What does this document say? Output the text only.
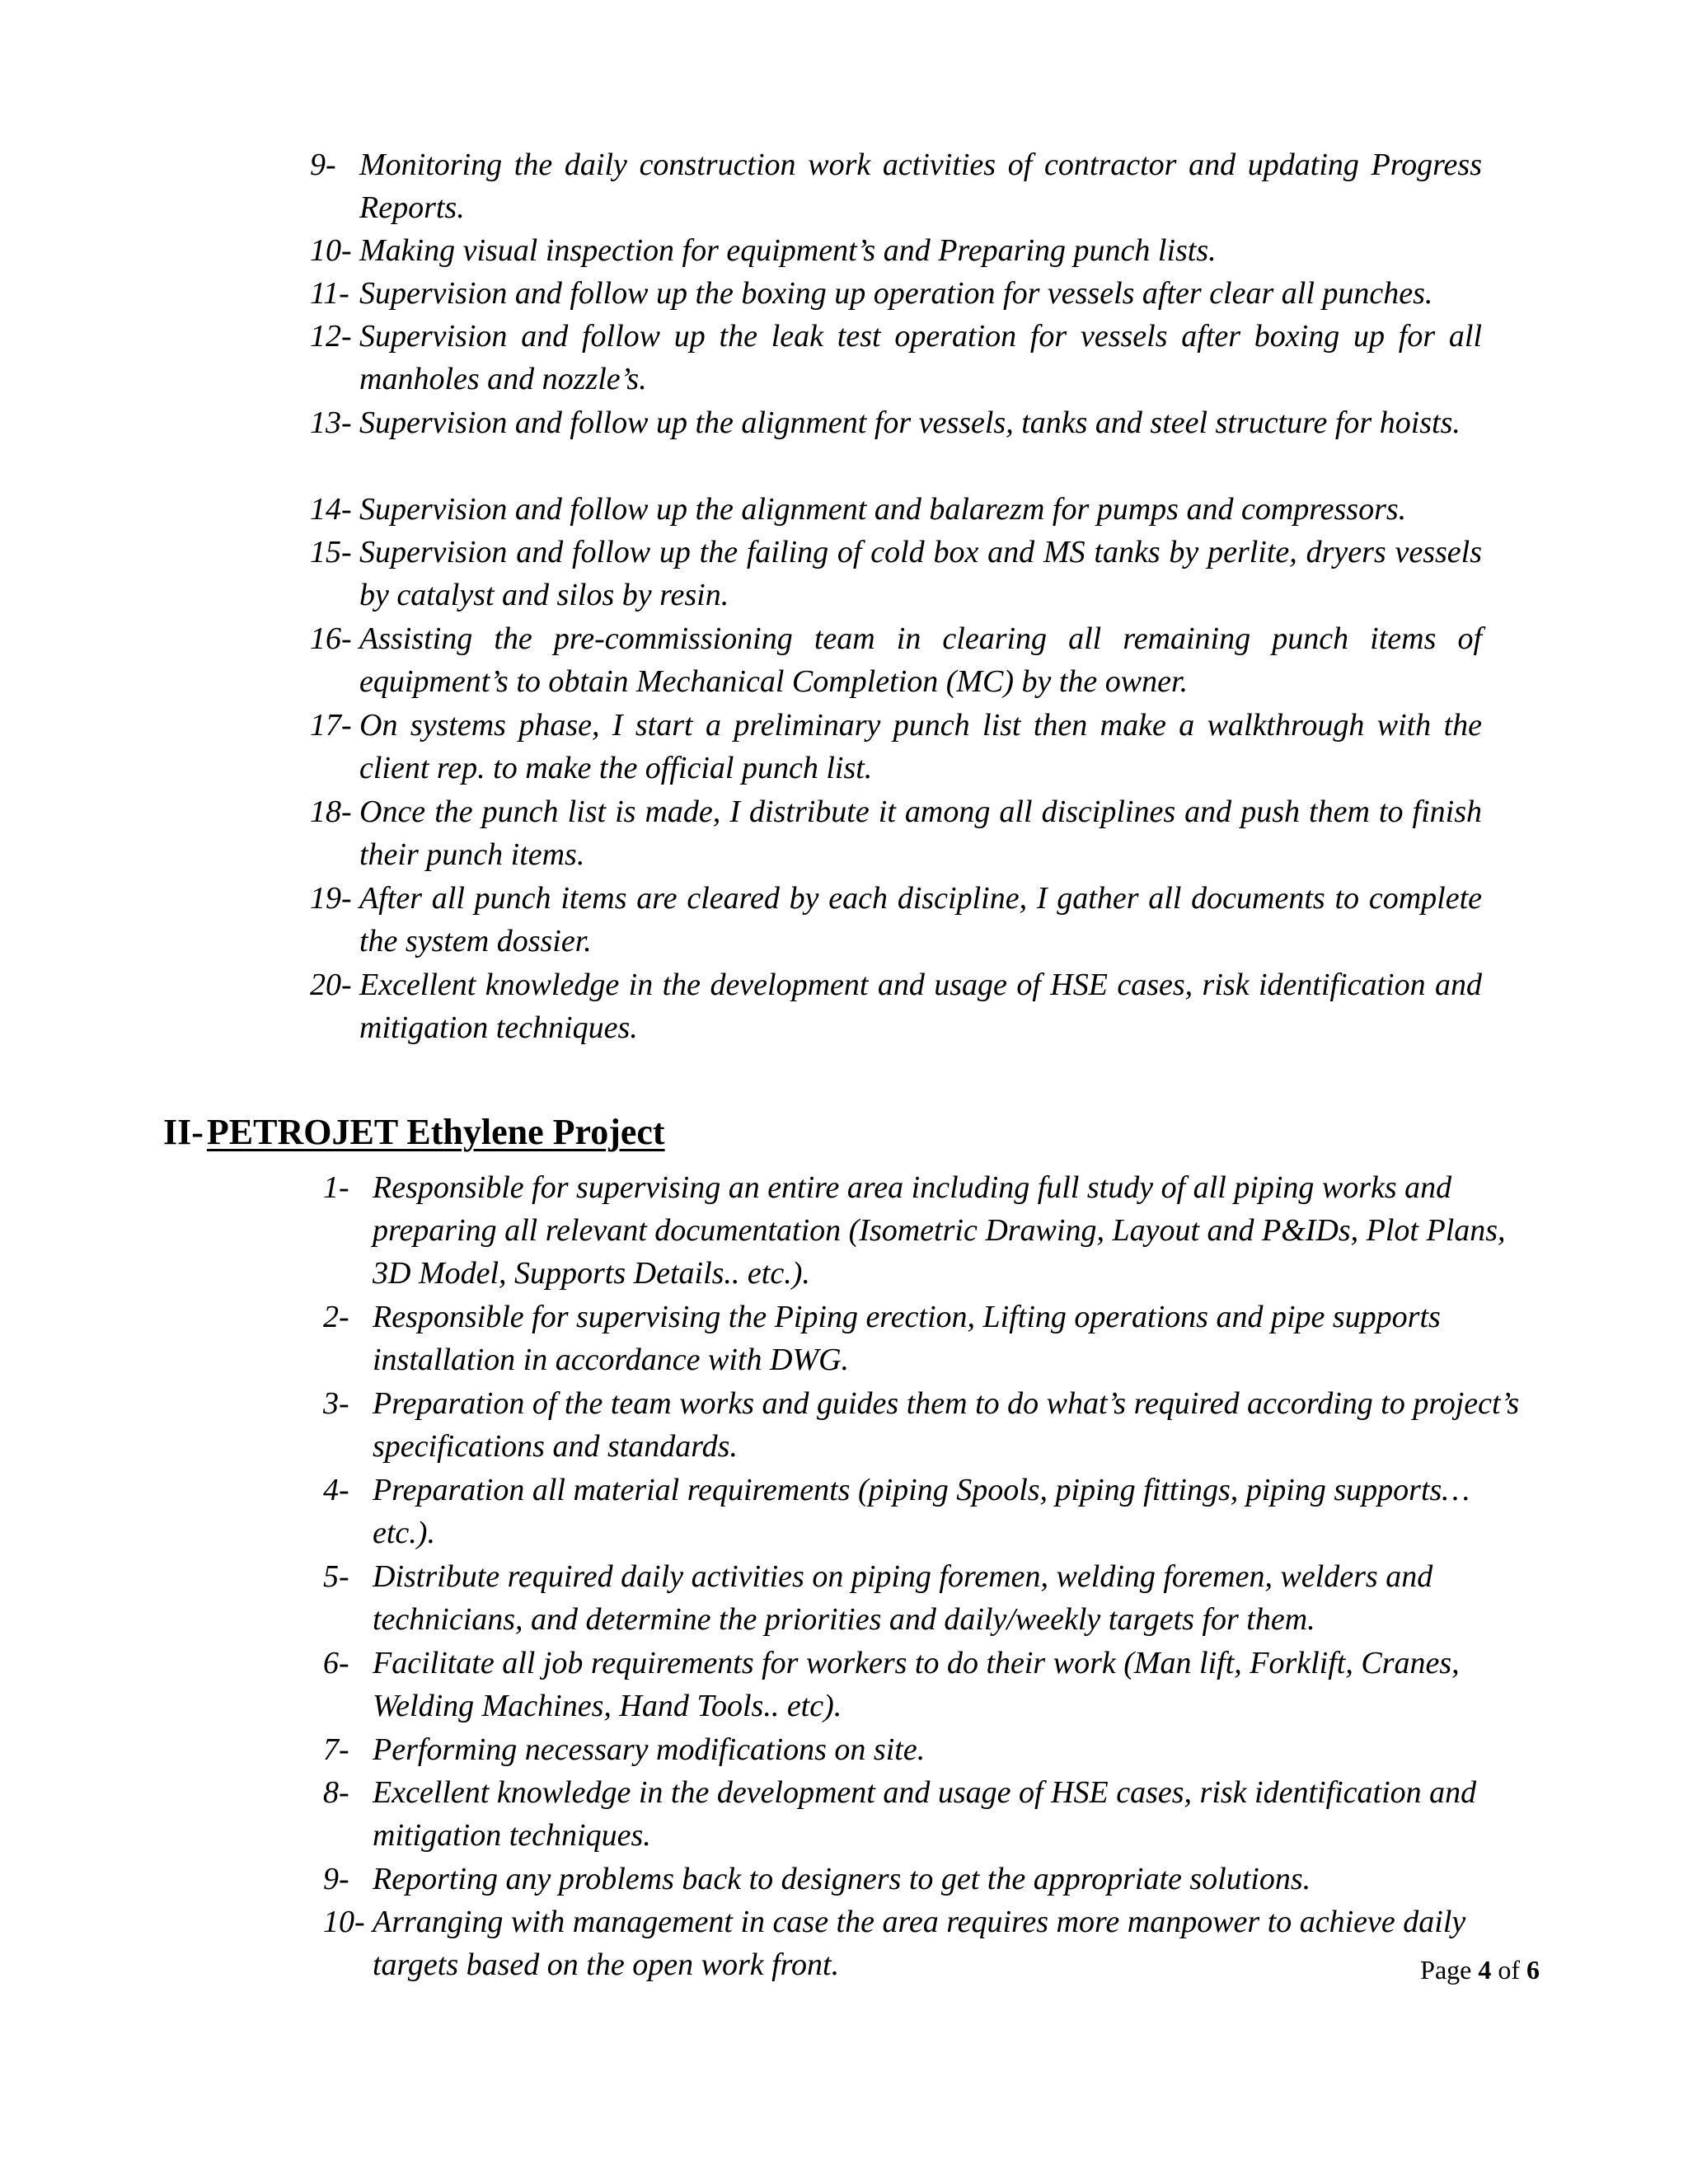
9- Monitoring the daily construction work activities of contractor and updating Progress Reports.

10- Making visual inspection for equipment’s and Preparing punch lists.

11- Supervision and follow up the boxing up operation for vessels after clear all punches.

12- Supervision and follow up the leak test operation for vessels after boxing up for all manholes and nozzle’s.

13- Supervision and follow up the alignment for vessels, tanks and steel structure for hoists.

14- Supervision and follow up the alignment and balarezm for pumps and compressors.

15- Supervision and follow up the failing of cold box and MS tanks by perlite, dryers vessels by catalyst and silos by resin.

16- Assisting the pre-commissioning team in clearing all remaining punch items of equipment’s to obtain Mechanical Completion (MC) by the owner.

17- On systems phase, I start a preliminary punch list then make a walkthrough with the client rep. to make the official punch list.

18- Once the punch list is made, I distribute it among all disciplines and push them to finish their punch items.

19- After all punch items are cleared by each discipline, I gather all documents to complete the system dossier.

20- Excellent knowledge in the development and usage of HSE cases, risk identification and mitigation techniques.

II-PETROJET Ethylene Project

1- Responsible for supervising an entire area including full study of all piping works and preparing all relevant documentation (Isometric Drawing, Layout and P&IDs, Plot Plans, 3D Model, Supports Details.. etc.).

2- Responsible for supervising the Piping erection, Lifting operations and pipe supports installation in accordance with DWG.

3- Preparation of the team works and guides them to do what’s required according to project’s specifications and standards.

4- Preparation all material requirements (piping Spools, piping fittings, piping supports…etc.).

5- Distribute required daily activities on piping foremen, welding foremen, welders and technicians, and determine the priorities and daily/weekly targets for them.

6- Facilitate all job requirements for workers to do their work (Man lift, Forklift, Cranes, Welding Machines, Hand Tools.. etc).

7- Performing necessary modifications on site.

8- Excellent knowledge in the development and usage of HSE cases, risk identification and mitigation techniques.

9- Reporting any problems back to designers to get the appropriate solutions.

10- Arranging with management in case the area requires more manpower to achieve daily targets based on the open work front.	Page 4 of 6
